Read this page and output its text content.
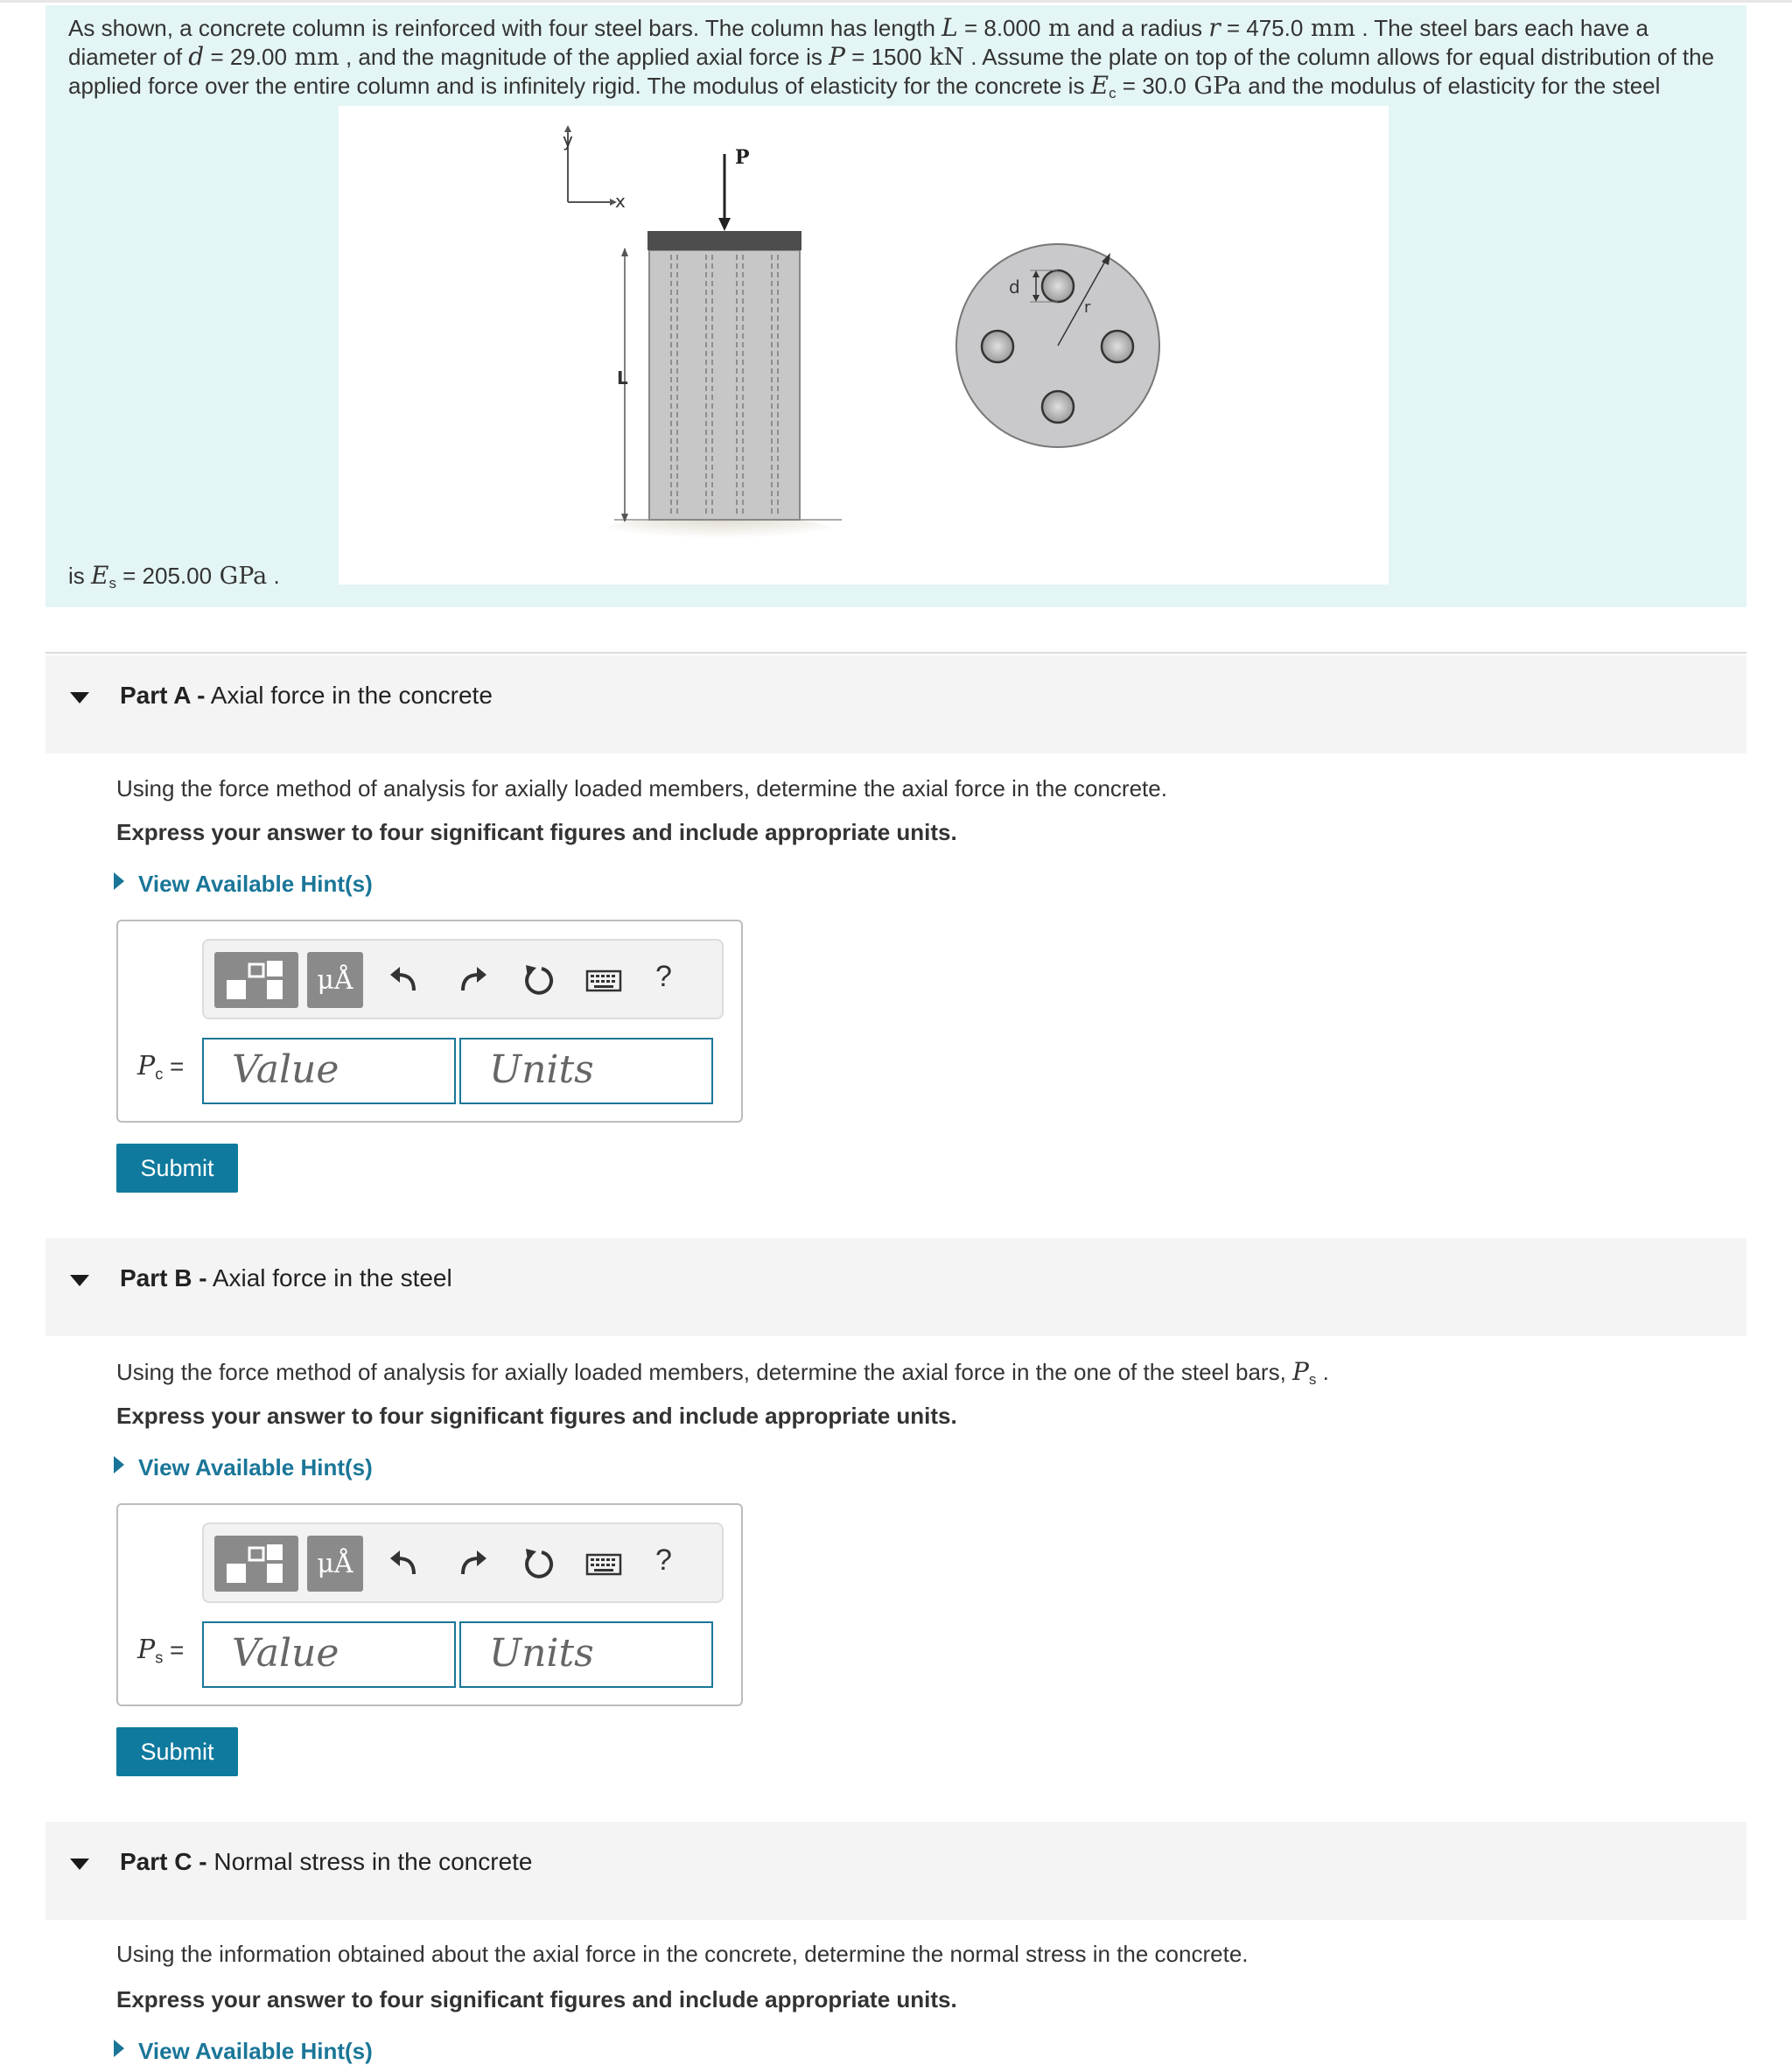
As shown, a concrete column is reinforced with four steel bars. The column has length L = 8.000 m and a radius r = 475.0 mm . The steel bars each have a diameter of d = 29.00 mm , and the magnitude of the applied axial force is P = 1500 kN . Assume the plate on top of the column allows for equal distribution of the applied force over the entire column and is infinitely rigid. The modulus of elasticity for the concrete is $E_c = 30.0$ GPa and the modulus of elasticity for the steel
is $E_s = 205.00$ GPa .
y
x
P
L
d
r
Part A - Axial force in the concrete
Using the force method of analysis for axially loaded members, determine the axial force in the concrete.
Express your answer to four significant figures and include appropriate units.
View Available Hint(s)
μÅ	?
$P_c$ =	Value	Units
Submit
Part B - Axial force in the steel
Using the force method of analysis for axially loaded members, determine the axial force in the one of the steel bars, $P_s$ .
Express your answer to four significant figures and include appropriate units.
View Available Hint(s)
μÅ	?
$P_s$ =	Value	Units
Submit
Part C - Normal stress in the concrete
Using the information obtained about the axial force in the concrete, determine the normal stress in the concrete.
Express your answer to four significant figures and include appropriate units.
View Available Hint(s)
